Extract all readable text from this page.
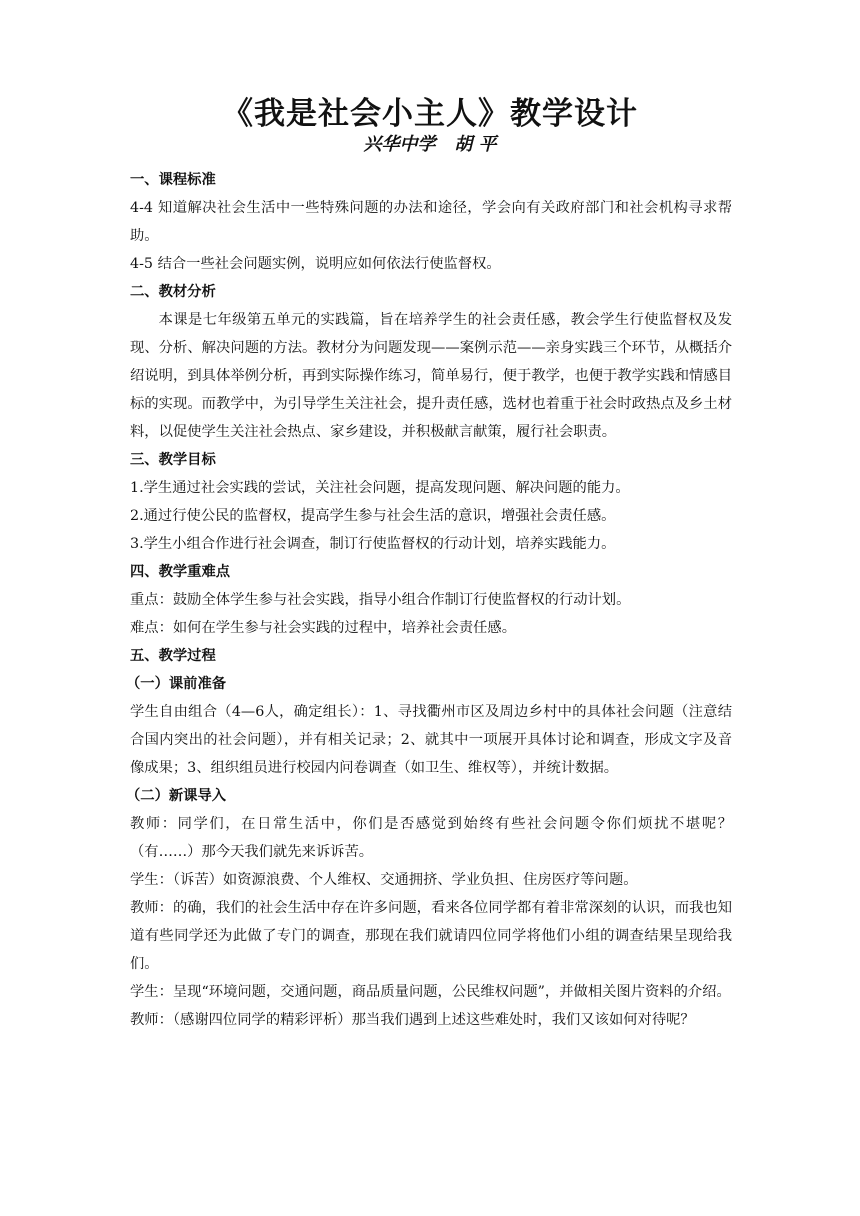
《我是社会小主人》教学设计
兴华中学   胡 平
一、课程标准
4-4 知道解决社会生活中一些特殊问题的办法和途径，学会向有关政府部门和社会机构寻求帮助。
4-5 结合一些社会问题实例，说明应如何依法行使监督权。
二、教材分析
本课是七年级第五单元的实践篇，旨在培养学生的社会责任感，教会学生行使监督权及发现、分析、解决问题的方法。教材分为问题发现——案例示范——亲身实践三个环节，从概括介绍说明，到具体举例分析，再到实际操作练习，简单易行，便于教学，也便于教学实践和情感目标的实现。而教学中，为引导学生关注社会，提升责任感，选材也着重于社会时政热点及乡土材料，以促使学生关注社会热点、家乡建设，并积极献言献策，履行社会职责。
三、教学目标
1.学生通过社会实践的尝试，关注社会问题，提高发现问题、解决问题的能力。
2.通过行使公民的监督权，提高学生参与社会生活的意识，增强社会责任感。
3.学生小组合作进行社会调查，制订行使监督权的行动计划，培养实践能力。
四、教学重难点
重点：鼓励全体学生参与社会实践，指导小组合作制订行使监督权的行动计划。
难点：如何在学生参与社会实践的过程中，培养社会责任感。
五、教学过程
（一）课前准备
学生自由组合（4—6人，确定组长）：1、寻找衢州市区及周边乡村中的具体社会问题（注意结合国内突出的社会问题），并有相关记录；2、就其中一项展开具体讨论和调查，形成文字及音像成果；3、组织组员进行校园内问卷调查（如卫生、维权等），并统计数据。
（二）新课导入
教师：同学们，在日常生活中，你们是否感觉到始终有些社会问题令你们烦扰不堪呢？（有……）那今天我们就先来诉诉苦。
学生：（诉苦）如资源浪费、个人维权、交通拥挤、学业负担、住房医疗等问题。
教师：的确，我们的社会生活中存在许多问题，看来各位同学都有着非常深刻的认识，而我也知道有些同学还为此做了专门的调查，那现在我们就请四位同学将他们小组的调查结果呈现给我们。
学生：呈现“环境问题，交通问题，商品质量问题，公民维权问题”，并做相关图片资料的介绍。
教师：（感谢四位同学的精彩评析）那当我们遇到上述这些难处时，我们又该如何对待呢？
